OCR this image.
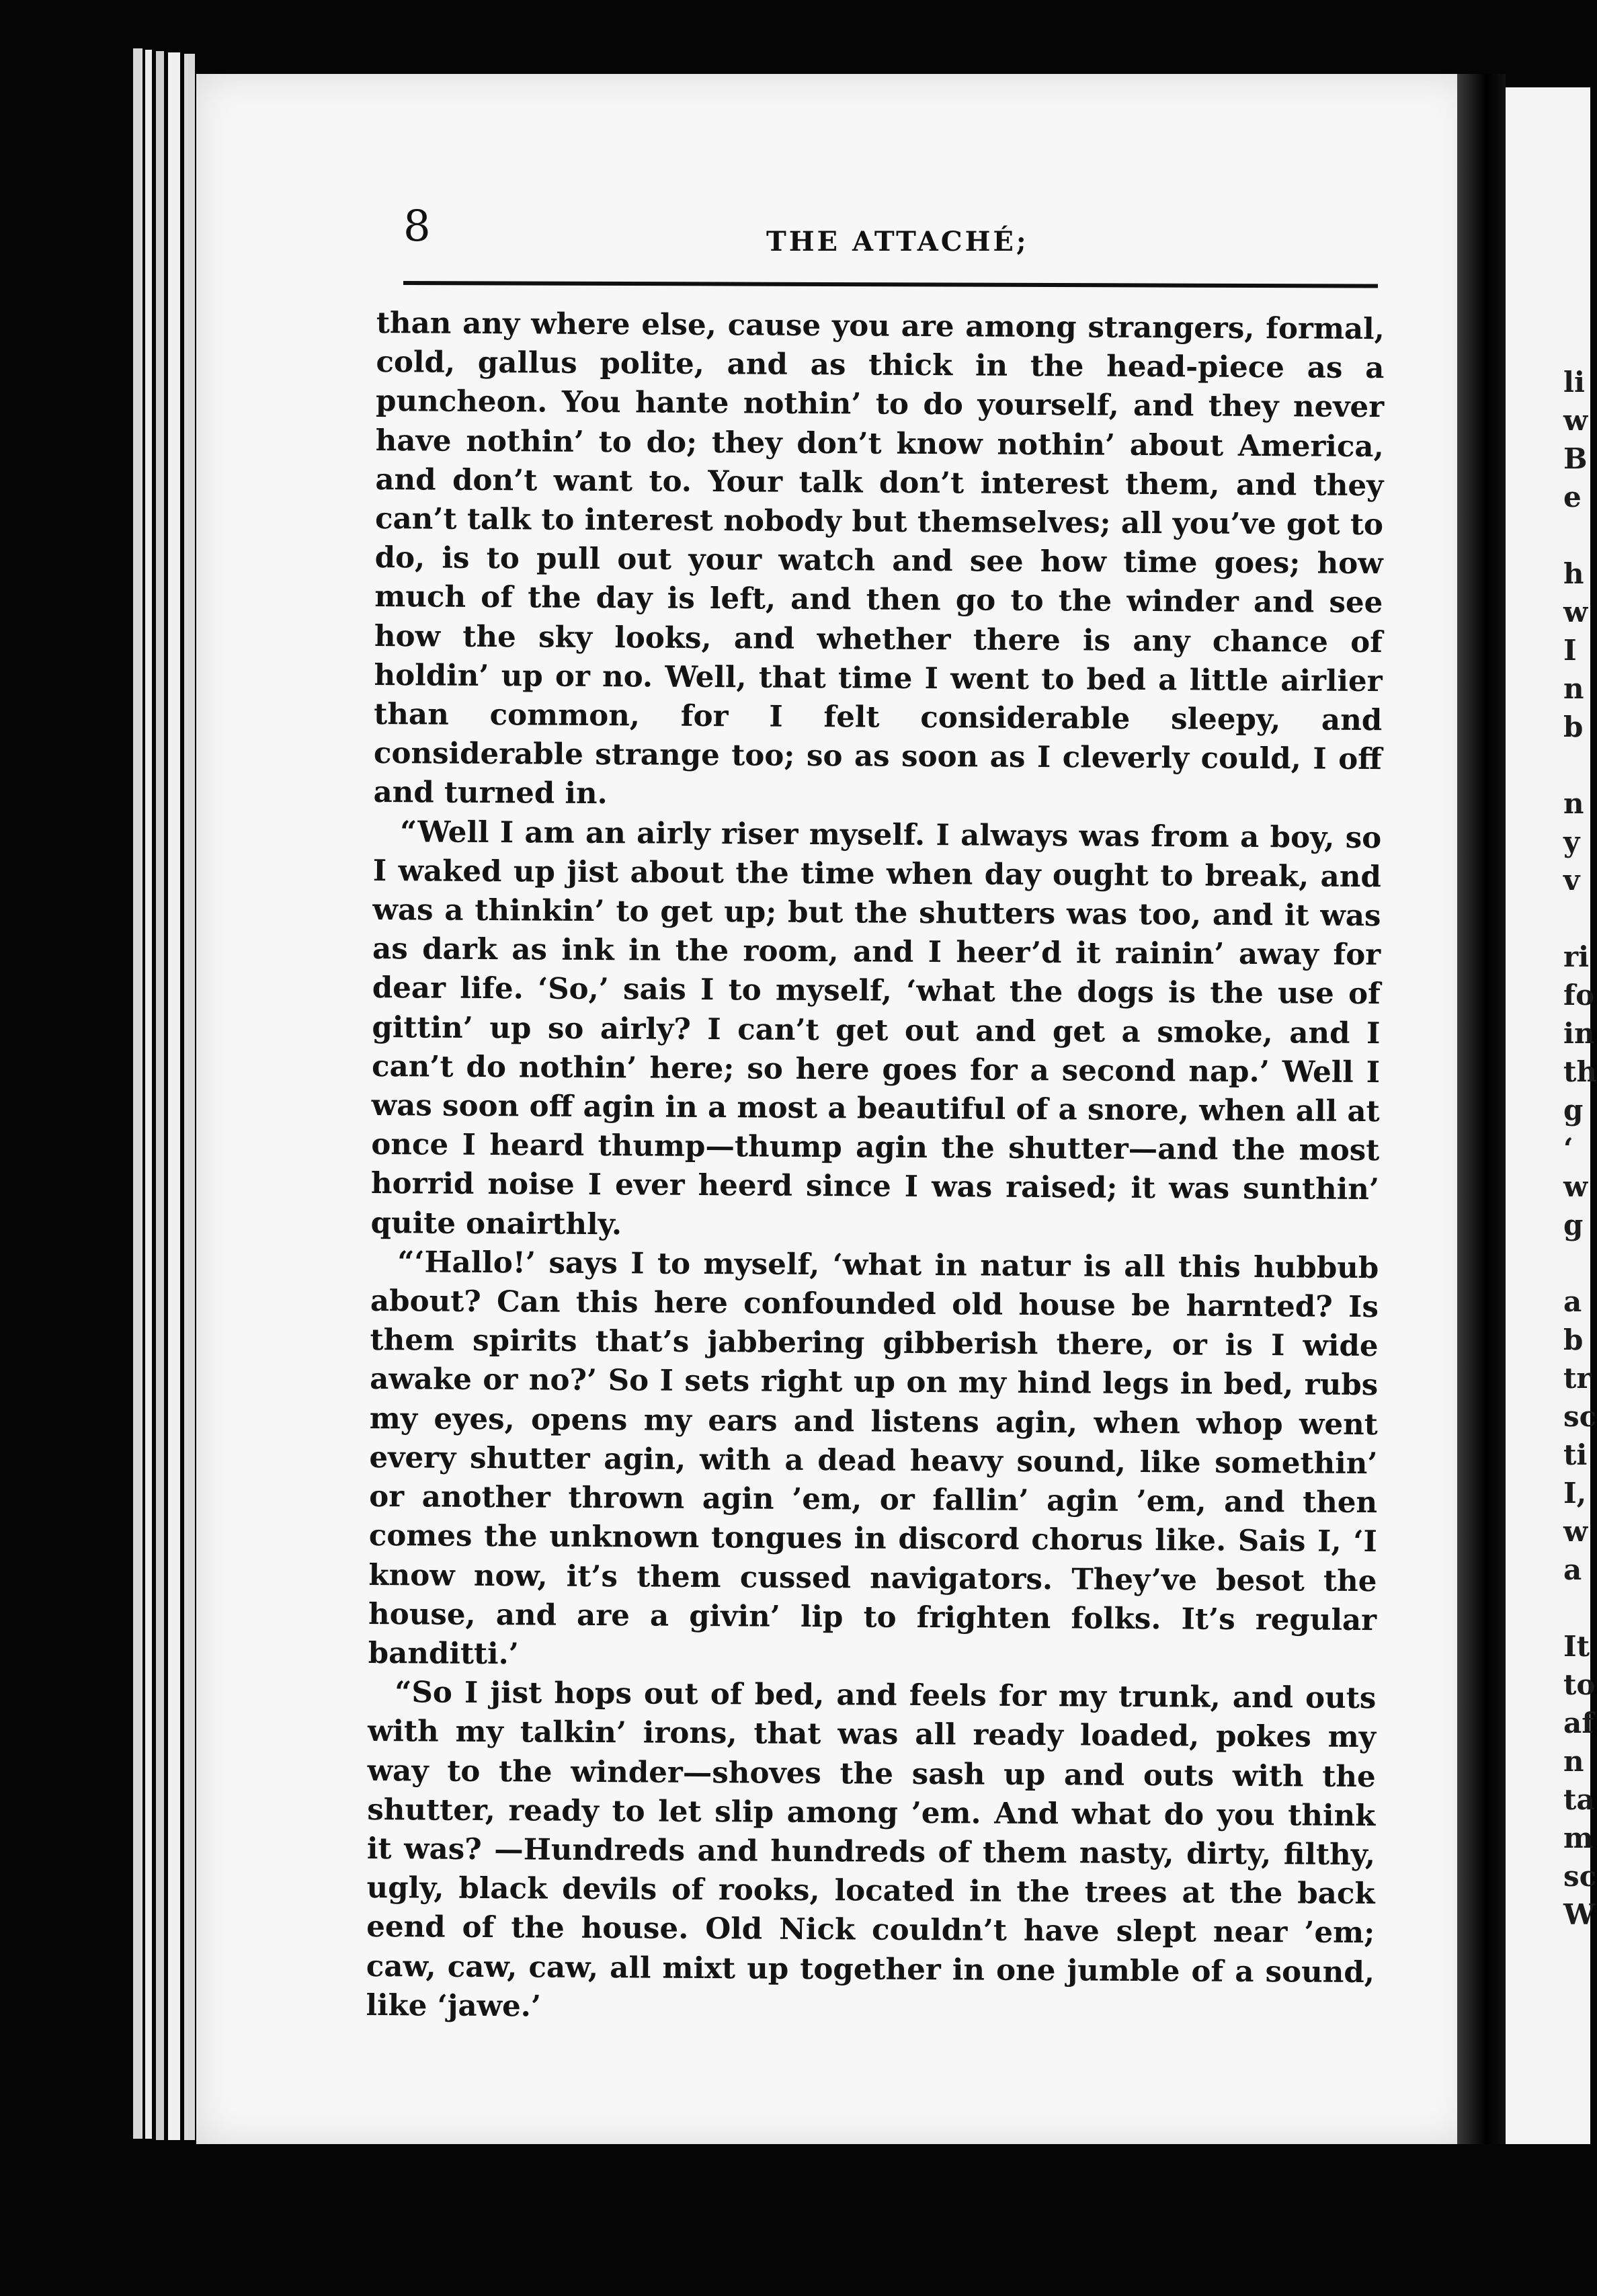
8	THE ATTACHÉ;

than any where else, cause you are among strangers, formal, cold, gallus polite, and as thick in the head-piece as a puncheon. You hante nothin’ to do yourself, and they never have nothin’ to do; they don’t know nothin’ about America, and don’t want to. Your talk don’t interest them, and they can’t talk to interest nobody but themselves; all you’ve got to do, is to pull out your watch and see how time goes; how much of the day is left, and then go to the winder and see how the sky looks, and whether there is any chance of holdin’ up or no. Well, that time I went to bed a little airlier than common, for I felt considerable sleepy, and considerable strange too; so as soon as I cleverly could, I off and turned in.

“Well I am an airly riser myself. I always was from a boy, so I waked up jist about the time when day ought to break, and was a thinkin’ to get up; but the shutters was too, and it was as dark as ink in the room, and I heer’d it rainin’ away for dear life. ‘So,’ sais I to myself, ‘what the dogs is the use of gittin’ up so airly? I can’t get out and get a smoke, and I can’t do nothin’ here; so here goes for a second nap.’ Well I was soon off agin in a most a beautiful of a snore, when all at once I heard thump—thump agin the shutter—and the most horrid noise I ever heerd since I was raised; it was sunthin’ quite onairthly.

“‘Hallo!’ says I to myself, ‘what in natur is all this hubbub about? Can this here confounded old house be harnted? Is them spirits that’s jabbering gibberish there, or is I wide awake or no?’ So I sets right up on my hind legs in bed, rubs my eyes, opens my ears and listens agin, when whop went every shutter agin, with a dead heavy sound, like somethin’ or another thrown agin ’em, or fallin’ agin ’em, and then comes the unknown tongues in discord chorus like. Sais I, ‘I know now, it’s them cussed navigators. They’ve besot the house, and are a givin’ lip to frighten folks. It’s regular banditti.’

“So I jist hops out of bed, and feels for my trunk, and outs with my talkin’ irons, that was all ready loaded, pokes my way to the winder—shoves the sash up and outs with the shutter, ready to let slip among ’em. And what do you think it was? —Hundreds and hundreds of them nasty, dirty, filthy, ugly, black devils of rooks, located in the trees at the back eend of the house. Old Nick couldn’t have slept near ’em; caw, caw, caw, all mixt up together in one jumble of a sound, like ‘jawe.’

li
w
B
e

h
w
I
n
b

n
y
v

ri
fo
in
th
g
‘
w
g

a
b
tr
sc
ti
I,
w
a

It
to
af
n
ta
m
sc
W
